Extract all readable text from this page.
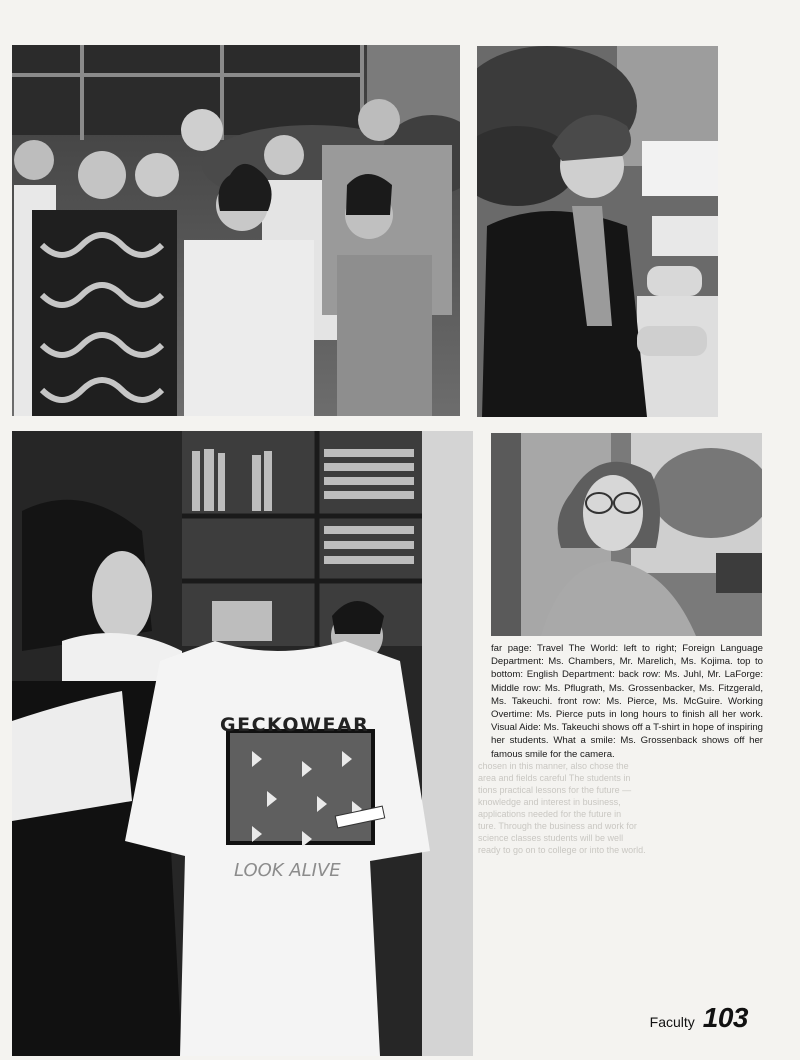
GECKOWEAR
LOOK ALIVE
far page: Travel The World: left to right; Foreign Language Department: Ms. Chambers, Mr. Marelich, Ms. Kojima. top to bottom: English Department: back row: Ms. Juhl, Mr. LaForge: Middle row: Ms. Pflugrath, Ms. Grossenbacker, Ms. Fitzgerald, Ms. Takeuchi. front row: Ms. Pierce, Ms. McGuire. Working Overtime: Ms. Pierce puts in long hours to finish all her work. Visual Aide: Ms. Takeuchi shows off a T-shirt in hope of inspiring her students. What a smile: Ms. Grossenback shows off her famous smile for the camera.

chosen in this manner, also chose the

area and fields careful The students in

tions practical lessons for the future —

knowledge and interest in business,

applications needed for the future in

ture. Through the business and work for

science classes students will be well

ready to go on to college or into the world.

Faculty 103
